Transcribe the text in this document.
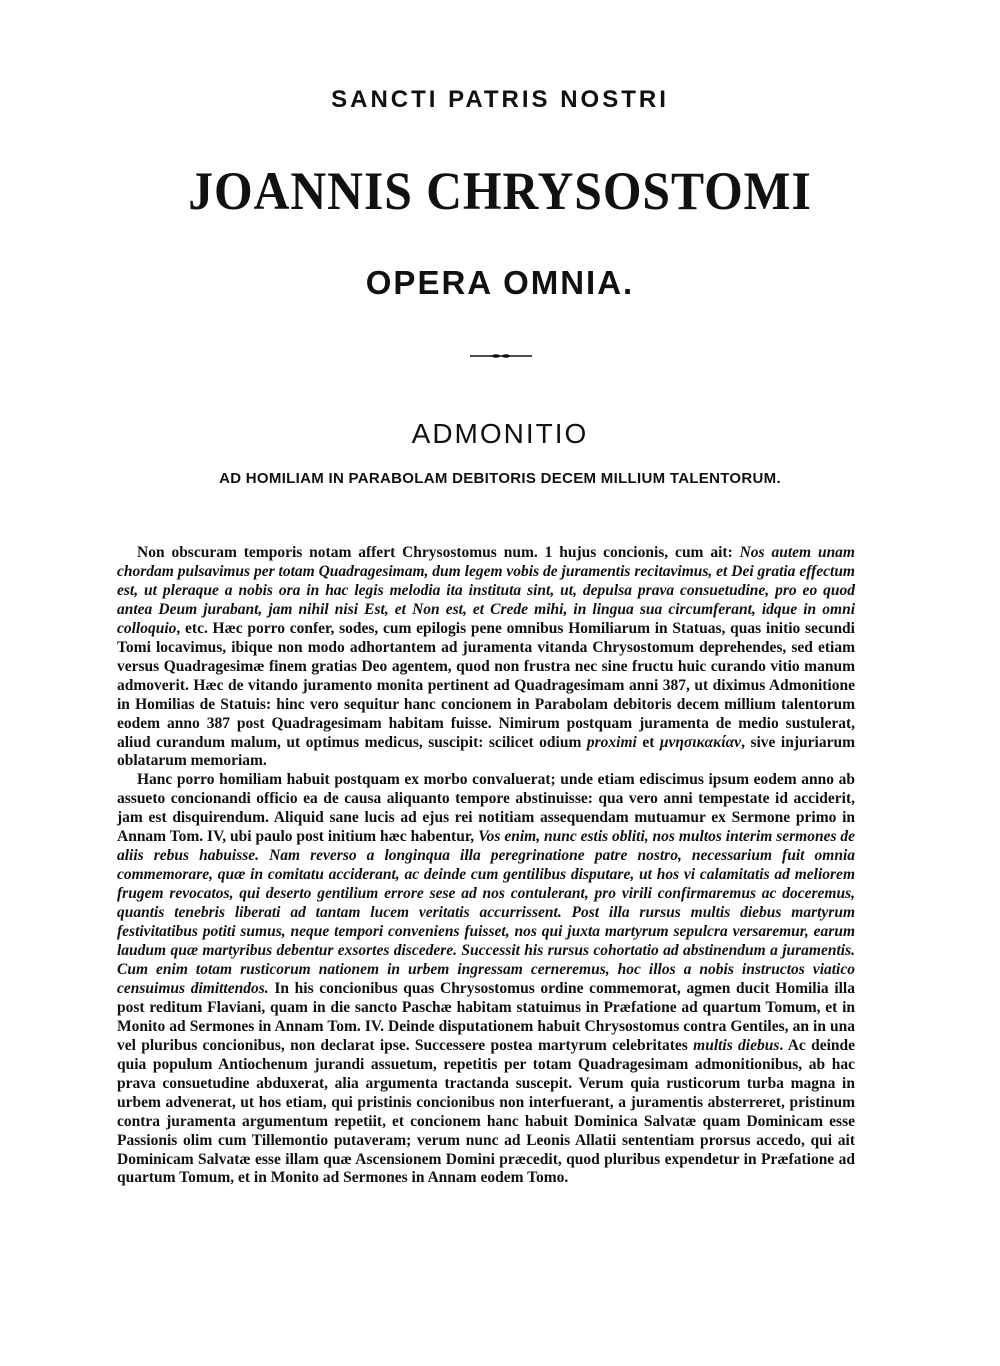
SANCTI PATRIS NOSTRI
JOANNIS CHRYSOSTOMI
OPERA OMNIA.
ADMONITIO
AD HOMILIAM IN PARABOLAM DEBITORIS DECEM MILLIUM TALENTORUM.

Non obscuram temporis notam affert Chrysostomus num. 1 hujus concionis, cum ait: Nos autem unam chordam pulsavimus per totam Quadragesimam, dum legem vobis de juramentis recitavimus, et Dei gratia effectum est, ut pleraque a nobis ora in hac legis melodia ita instituta sint, ut, depulsa prava consuetudine, pro eo quod antea Deum jurabant, jam nihil nisi Est, et Non est, et Crede mihi, in lingua sua circumferant, idque in omni colloquio, etc. Hæc porro confer, sodes, cum epilogis pene omnibus Homiliarum in Statuas, quas initio secundi Tomi locavimus, ibique non modo adhortantem ad juramenta vitanda Chrysostomum deprehendes, sed etiam versus Quadragesimæ finem gratias Deo agentem, quod non frustra nec sine fructu huic curando vitio manum admoverit. Hæc de vitando juramento monita pertinent ad Quadragesimam anni 387, ut diximus Admonitione in Homilias de Statuis: hinc vero sequitur hanc concionem in Parabolam debitoris decem millium talentorum eodem anno 387 post Quadragesimam habitam fuisse. Nimirum postquam juramenta de medio sustulerat, aliud curandum malum, ut optimus medicus, suscipit: scilicet odium proximi et μνησικακίαν, sive injuriarum oblatarum memoriam.

Hanc porro homiliam habuit postquam ex morbo convaluerat; unde etiam ediscimus ipsum eodem anno ab assueto concionandi officio ea de causa aliquanto tempore abstinuisse: qua vero anni tempestate id acciderit, jam est disquirendum. Aliquid sane lucis ad ejus rei notitiam assequendam mutuamur ex Sermone primo in Annam Tom. IV, ubi paulo post initium hæc habentur, Vos enim, nunc estis obliti, nos multos interim sermones de aliis rebus habuisse. Nam reverso a longinqua illa peregrinatione patre nostro, necessarium fuit omnia commemorare, quæ in comitatu acciderant, ac deinde cum gentilibus disputare, ut hos vi calamitatis ad meliorem frugem revocatos, qui deserto gentilium errore sese ad nos contulerant, pro virili confirmaremus ac doceremus, quantis tenebris liberati ad tantam lucem veritatis accurrissent. Post illa rursus multis diebus martyrum festivitatibus potiti sumus, neque tempori conveniens fuisset, nos qui juxta martyrum sepulcra versaremur, earum laudum quæ martyribus debentur exsortes discedere. Successit his rursus cohortatio ad abstinendum a juramentis. Cum enim totam rusticorum nationem in urbem ingressam cerneremus, hoc illos a nobis instructos viatico censuimus dimittendos. In his concionibus quas Chrysostomus ordine commemorat, agmen ducit Homilia illa post reditum Flaviani, quam in die sancto Paschæ habitam statuimus in Præfatione ad quartum Tomum, et in Monito ad Sermones in Annam Tom. IV. Deinde disputationem habuit Chrysostomus contra Gentiles, an in una vel pluribus concionibus, non declarat ipse. Successere postea martyrum celebritates multis diebus. Ac deinde quia populum Antiochenum jurandi assuetum, repetitis per totam Quadragesimam admonitionibus, ab hac prava consuetudine abduxerat, alia argumenta tractanda suscepit. Verum quia rusticorum turba magna in urbem advenerat, ut hos etiam, qui pristinis concionibus non interfuerant, a juramentis absterreret, pristinum contra juramenta argumentum repetiit, et concionem hanc habuit Dominica Salvatæ quam Dominicam esse Passionis olim cum Tillemontio putaveram; verum nunc ad Leonis Allatii sententiam prorsus accedo, qui ait Dominicam Salvatæ esse illam quæ Ascensionem Domini præcedit, quod pluribus expendetur in Præfatione ad quartum Tomum, et in Monito ad Sermones in Annam eodem Tomo.
